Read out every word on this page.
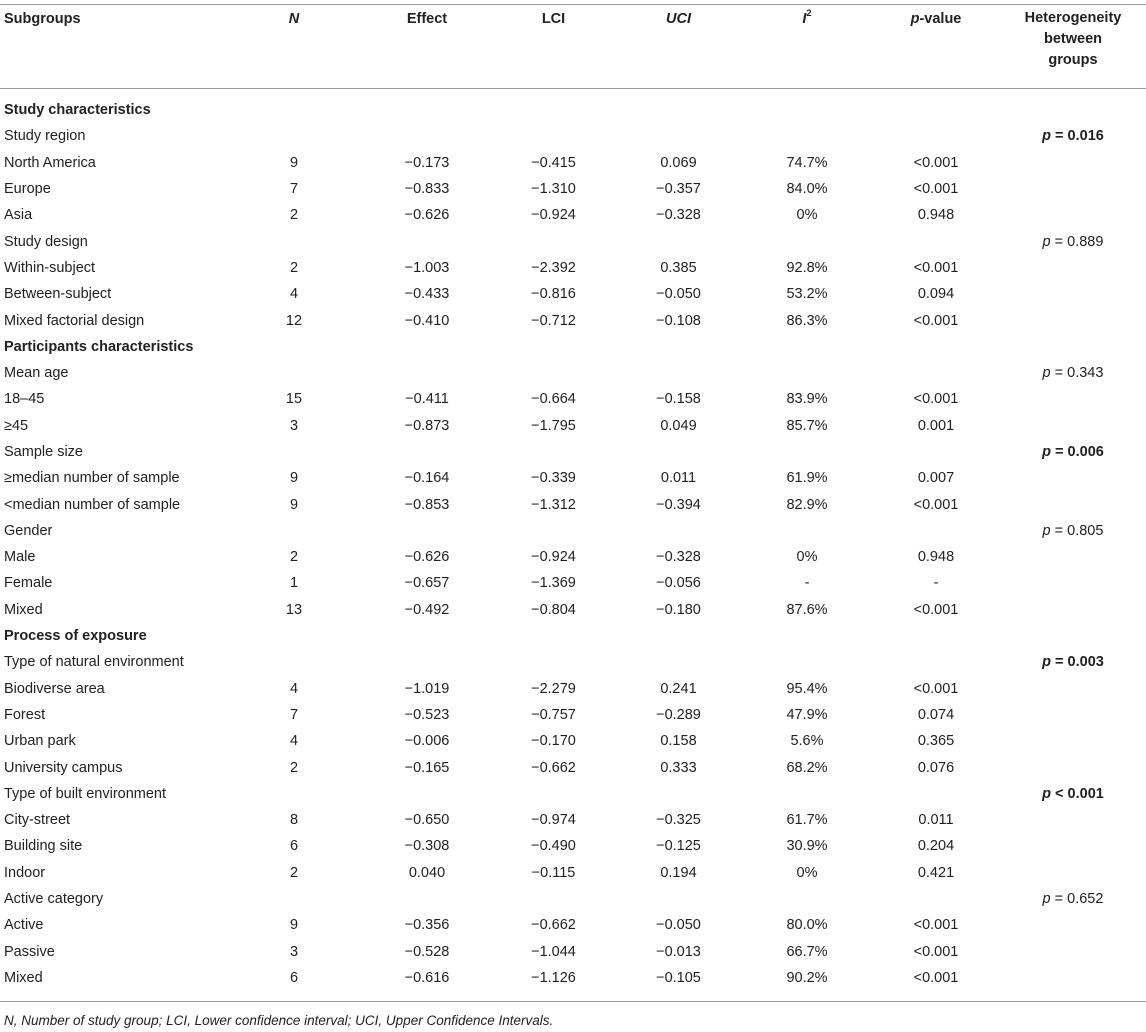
Subgroups	N	Effect	LCI	UCI	$I^2$	p-value	Heterogeneity
between
groups
Study characteristics							
Study region							p = 0.016
North America	9	−0.173	−0.415	0.069	74.7%	<0.001	
Europe	7	−0.833	−1.310	−0.357	84.0%	<0.001	
Asia	2	−0.626	−0.924	−0.328	0%	0.948	
Study design							p = 0.889
Within-subject	2	−1.003	−2.392	0.385	92.8%	<0.001	
Between-subject	4	−0.433	−0.816	−0.050	53.2%	0.094	
Mixed factorial design	12	−0.410	−0.712	−0.108	86.3%	<0.001	
Participants characteristics							
Mean age							p = 0.343
18–45	15	−0.411	−0.664	−0.158	83.9%	<0.001	
≥45	3	−0.873	−1.795	0.049	85.7%	0.001	
Sample size							p = 0.006
≥median number of sample	9	−0.164	−0.339	0.011	61.9%	0.007	
<median number of sample	9	−0.853	−1.312	−0.394	82.9%	<0.001	
Gender							p = 0.805
Male	2	−0.626	−0.924	−0.328	0%	0.948	
Female	1	−0.657	−1.369	−0.056	-	-	
Mixed	13	−0.492	−0.804	−0.180	87.6%	<0.001	
Process of exposure							
Type of natural environment							p = 0.003
Biodiverse area	4	−1.019	−2.279	0.241	95.4%	<0.001	
Forest	7	−0.523	−0.757	−0.289	47.9%	0.074	
Urban park	4	−0.006	−0.170	0.158	5.6%	0.365	
University campus	2	−0.165	−0.662	0.333	68.2%	0.076	
Type of built environment							p < 0.001
City-street	8	−0.650	−0.974	−0.325	61.7%	0.011	
Building site	6	−0.308	−0.490	−0.125	30.9%	0.204	
Indoor	2	0.040	−0.115	0.194	0%	0.421	
Active category							p = 0.652
Active	9	−0.356	−0.662	−0.050	80.0%	<0.001	
Passive	3	−0.528	−1.044	−0.013	66.7%	<0.001	
Mixed	6	−0.616	−1.126	−0.105	90.2%	<0.001	
N, Number of study group; LCI, Lower confidence interval; UCI, Upper Confidence Intervals.
